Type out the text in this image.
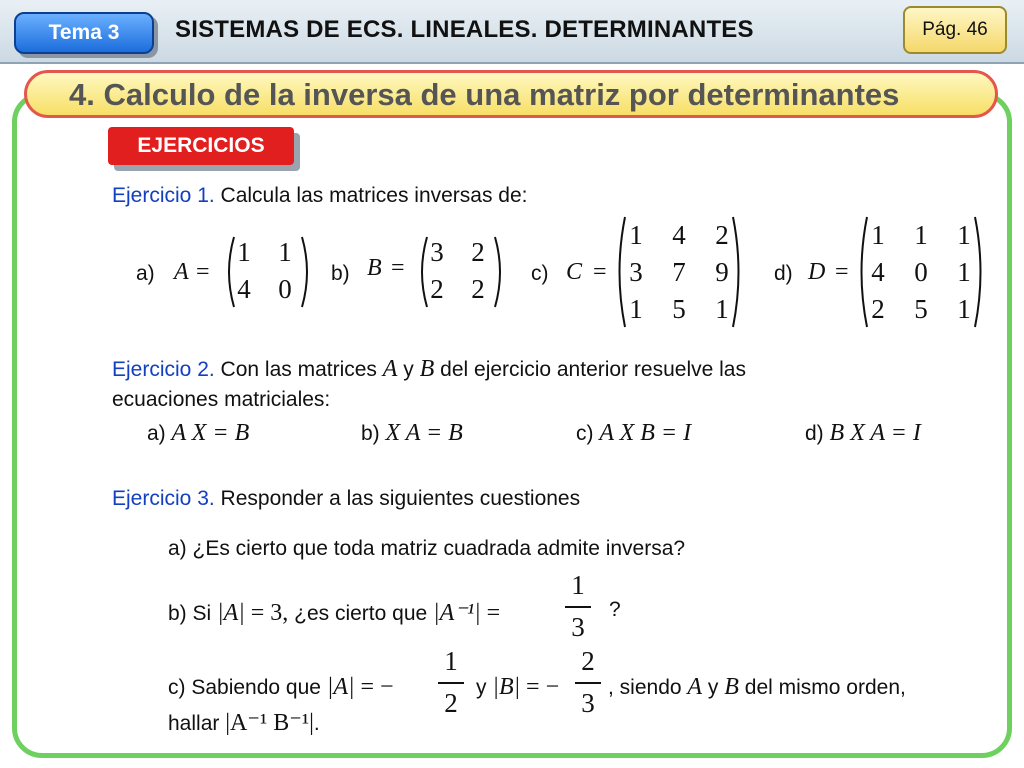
Tema 3	SISTEMAS DE ECS. LINEALES. DETERMINANTES	Pág. 46
4. Calculo de la inversa de una matriz por determinantes
EJERCICIOS
Ejercicio 1. Calcula las matrices inversas de:
a) A =
1	1
4	0
b) B =
3	2
2	2
c) C =
1	4	2
3	7	9
1	5	1
d) D =
1	1	1
4	0	1
2	5	1
Ejercicio 2. Con las matrices A y B del ejercicio anterior resuelve las
ecuaciones matriciales:
a) A X = B	b) X A = B	c) A X B = I	d) B X A = I
Ejercicio 3. Responder a las siguientes cuestiones
a) ¿Es cierto que toda matriz cuadrada admite inversa?
b) Si |A| = 3, ¿es cierto que |A⁻¹| =
1
3
?
c) Sabiendo que |A| = −
1
2
y |B| = −
2
3
, siendo A y B del mismo orden,
hallar |A⁻¹ B⁻¹|.
